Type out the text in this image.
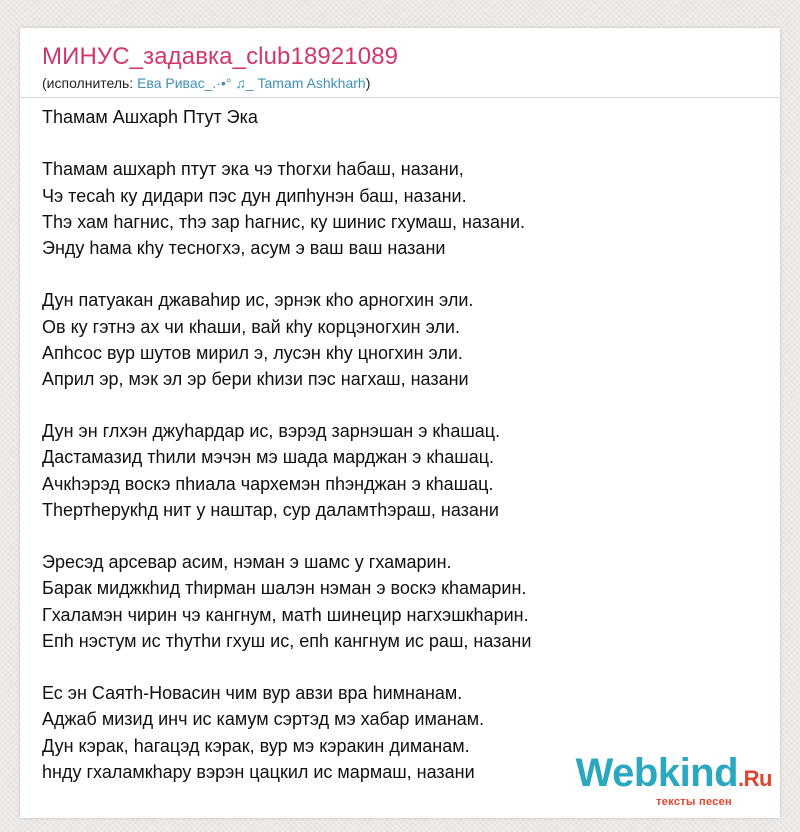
МИНУС_задавка_club18921089
(исполнитель: Ева Ривас_.·•° ♫_ Tamam Ashkharh)
Тhамам Ашхарh Птут Эка
Тhамам ашхарh птут эка чэ тhогхи hабаш, назани,
Чэ тесаh ку дидари пэс дун дипhунэн баш, назани.
Тhэ хам hагнис, тhэ зар hагнис, ку шинис гхумаш, назани.
Энду hама кhу тесногхэ, асум э ваш ваш назани
Дун патуакан джаваhир ис, эрнэк кhо арногхин эли.
Ов ку гэтнэ ах чи кhаши, вай кhу корцэногхин эли.
Апhсос вур шутов мирил э, лусэн кhу цногхин эли.
Април эр, мэк эл эр бери кhизи пэс нагхаш, назани
Дун эн глхэн джуhардар ис, вэрэд зарнэшан э кhашац.
Дастамазид тhили мэчэн мэ шада марджан э кhашац.
Ачкhэрэд воскэ пhиала чархемэн пhэнджан э кhашац.
Тhертhерукhд нит у наштар, сур даламтhэраш, назани
Эресэд арсевар асим, нэман э шамс у гхамарин.
Барак миджкhид тhирман шалэн нэман э воскэ кhамарин.
Гхаламэн чирин чэ кангнум, матh шинецир нагхэшкhарин.
Епh нэстум ис тhутhи гхуш ис, епh кангнум ис раш, назани
Ес эн Саятh-Новасин чим вур авзи вра hимнанам.
Аджаб мизид инч ис камум сэртэд мэ хабар иманам.
Дун кэрак, hагацэд кэрак, вур мэ кэракин диманам.
hнду гхаламкhару вэрэн цацкил ис мармаш, назани	Webkind.Ru
тексты песен
